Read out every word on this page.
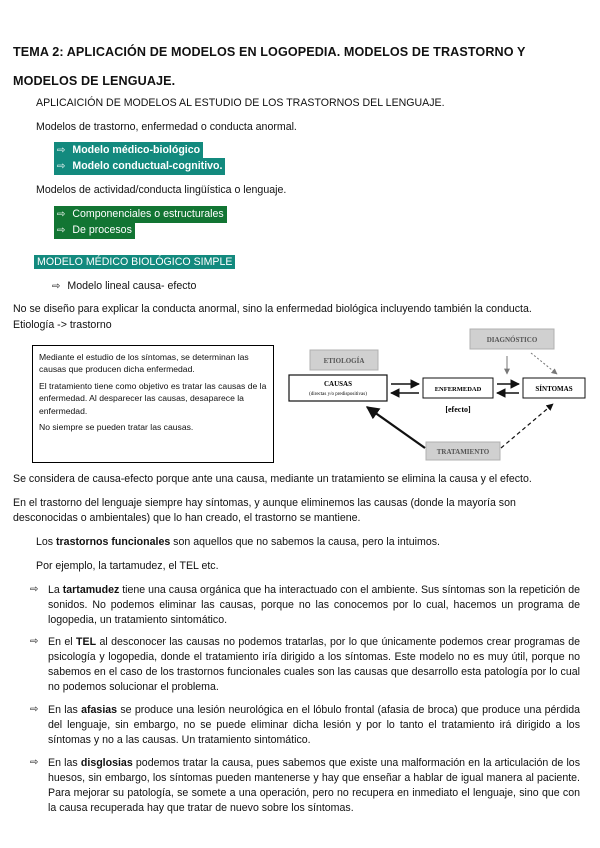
TEMA 2: APLICACIÓN DE MODELOS EN LOGOPEDIA. MODELOS DE TRASTORNO Y
MODELOS DE LENGUAJE.
APLICAICIÓN DE MODELOS AL ESTUDIO DE LOS TRASTORNOS DEL LENGUAJE.
Modelos de trastorno, enfermedad o conducta anormal.
⇨ Modelo médico-biológico
⇨ Modelo conductual-cognitivo.
Modelos de actividad/conducta lingüística o lenguaje.
⇨ Componenciales o estructurales
⇨ De procesos
MODELO MÉDICO BIOLÓGICO SIMPLE
⇨ Modelo lineal causa- efecto
No se diseño para explicar la conducta anormal, sino la enfermedad biológica incluyendo también la conducta.
Etiología -> trastorno

Mediante el estudio de los síntomas, se determinan las causas que producen dicha enfermedad.

El tratamiento tiene como objetivo es tratar las causas de la enfermedad. Al desparecer las causas, desaparece la enfermedad.

No siempre se pueden tratar las causas.

ETIOLOGÍA
DIAGNÓSTICO
CAUSAS
(directas y/o predispositivas)
ENFERMEDAD	SÍNTOMAS
[efecto]
TRATAMIENTO
Se considera de causa-efecto porque ante una causa, mediante un tratamiento se elimina la causa y el efecto.
En el trastorno del lenguaje siempre hay síntomas, y aunque eliminemos las causas (donde la mayoría son
desconocidas o ambientales) que lo han creado, el trastorno se mantiene.
Los trastornos funcionales son aquellos que no sabemos la causa, pero la intuimos.
Por ejemplo, la tartamudez, el TEL etc.
⇨ La tartamudez tiene una causa orgánica que ha interactuado con el ambiente. Sus síntomas son la repetición de sonidos. No podemos eliminar las causas, porque no las conocemos por lo cual, hacemos un programa de logopedia, un tratamiento sintomático.
⇨ En el TEL al desconocer las causas no podemos tratarlas, por lo que únicamente podemos crear programas de psicología y logopedia, donde el tratamiento iría dirigido a los síntomas. Este modelo no es muy útil, porque no sabemos en el caso de los trastornos funcionales cuales son las causas que desarrollo esta patología por lo cual no podemos solucionar el problema.
⇨ En las afasias se produce una lesión neurológica en el lóbulo frontal (afasia de broca) que produce una pérdida del lenguaje, sin embargo, no se puede eliminar dicha lesión y por lo tanto el tratamiento irá dirigido a los síntomas y no a las causas. Un tratamiento sintomático.
⇨ En las disglosias podemos tratar la causa, pues sabemos que existe una malformación en la articulación de los huesos, sin embargo, los síntomas pueden mantenerse y hay que enseñar a hablar de igual manera al paciente. Para mejorar su patología, se somete a una operación, pero no recupera en inmediato el lenguaje, sino que con la causa recuperada hay que tratar de nuevo sobre los síntomas.
